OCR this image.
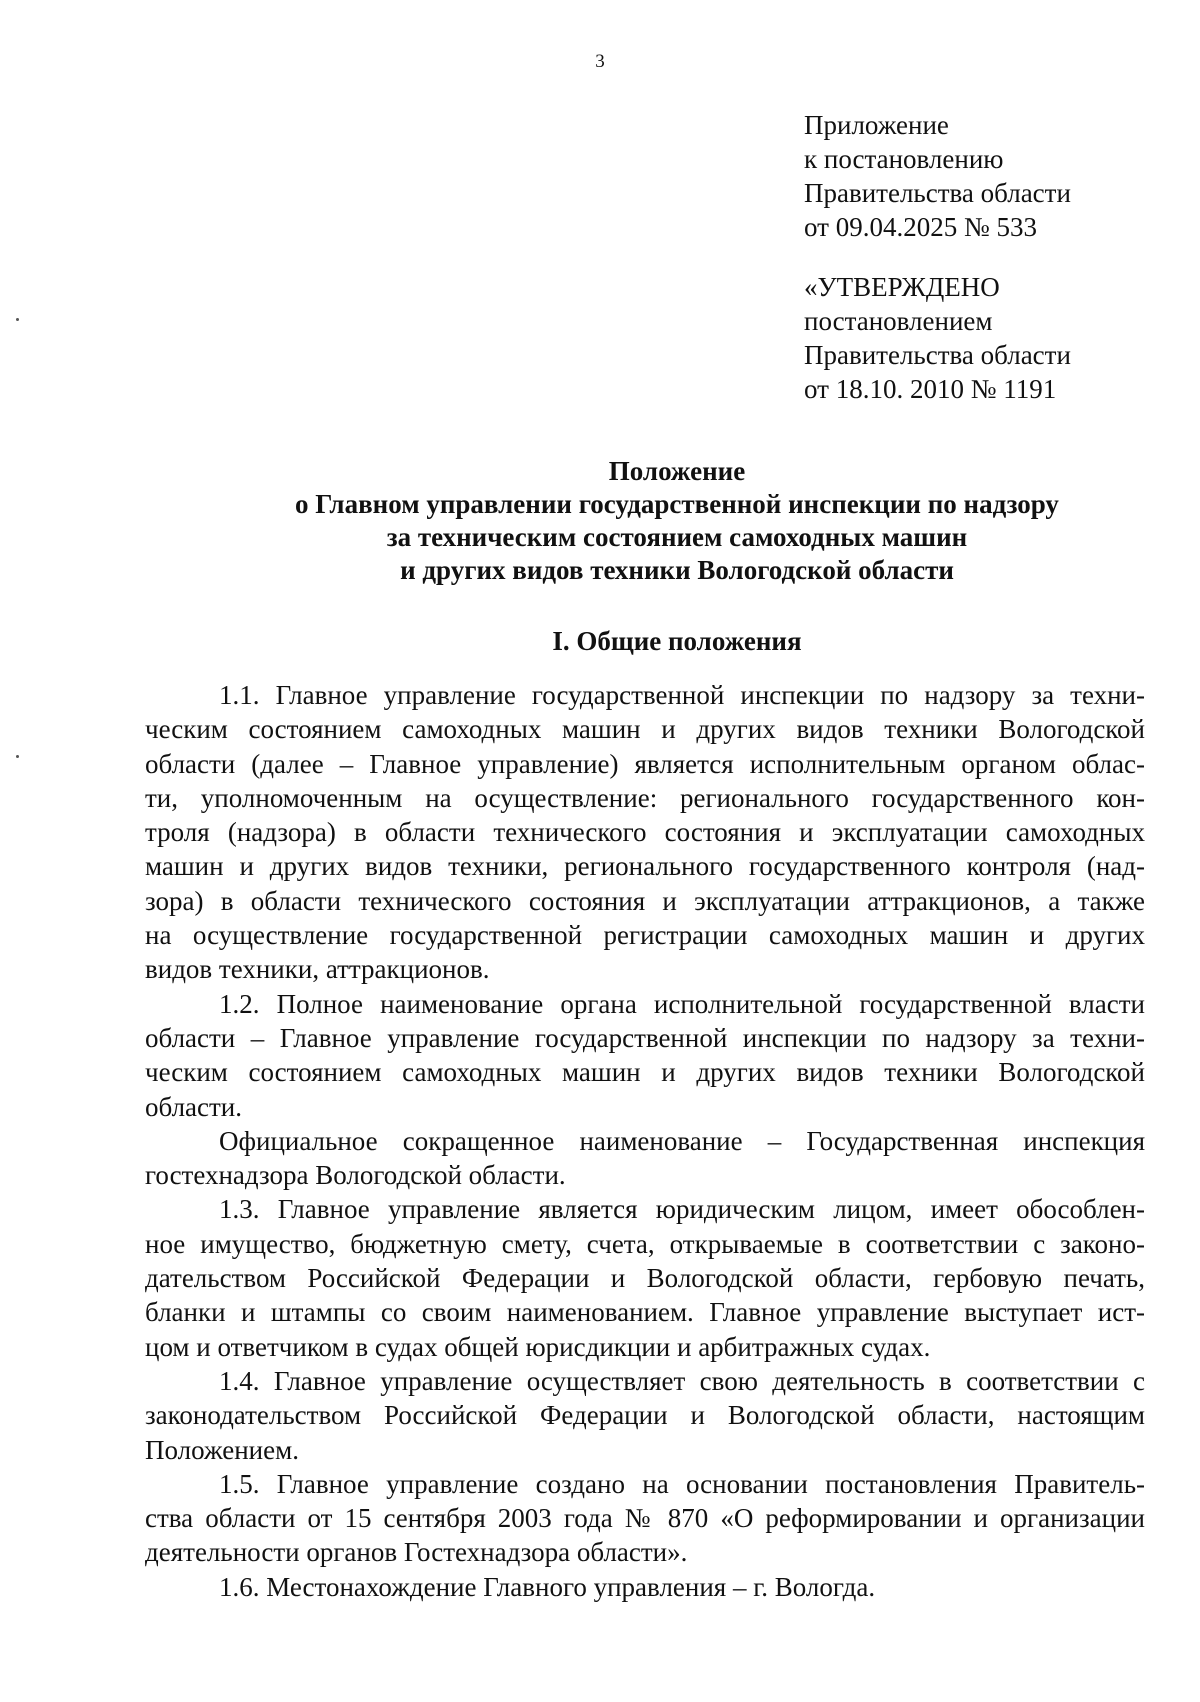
3
Приложение
к постановлению
Правительства области
от 09.04.2025 № 533
«УТВЕРЖДЕНО
постановлением
Правительства области
от 18.10. 2010 № 1191
Положение
о Главном управлении государственной инспекции по надзору
за техническим состоянием самоходных машин
и других видов техники Вологодской области
I. Общие положения
1.1. Главное управление государственной инспекции по надзору за техни-
ческим состоянием самоходных машин и других видов техники Вологодской
области (далее – Главное управление) является исполнительным органом облас-
ти, уполномоченным на осуществление: регионального государственного кон-
троля (надзора) в области технического состояния и эксплуатации самоходных
машин и других видов техники, регионального государственного контроля (над-
зора) в области технического состояния и эксплуатации аттракционов, а также
на осуществление государственной регистрации самоходных машин и других
видов техники, аттракционов.
1.2. Полное наименование органа исполнительной государственной власти
области – Главное управление государственной инспекции по надзору за техни-
ческим состоянием самоходных машин и других видов техники Вологодской
области.
Официальное сокращенное наименование – Государственная инспекция
гостехнадзора Вологодской области.
1.3. Главное управление является юридическим лицом, имеет обособлен-
ное имущество, бюджетную смету, счета, открываемые в соответствии с законо-
дательством Российской Федерации и Вологодской области, гербовую печать,
бланки и штампы со своим наименованием. Главное управление выступает ист-
цом и ответчиком в судах общей юрисдикции и арбитражных судах.
1.4. Главное управление осуществляет свою деятельность в соответствии с
законодательством Российской Федерации и Вологодской области, настоящим
Положением.
1.5. Главное управление создано на основании постановления Правитель-
ства области от 15 сентября 2003 года № 870 «О реформировании и организации
деятельности органов Гостехнадзора области».
1.6. Местонахождение Главного управления – г. Вологда.
